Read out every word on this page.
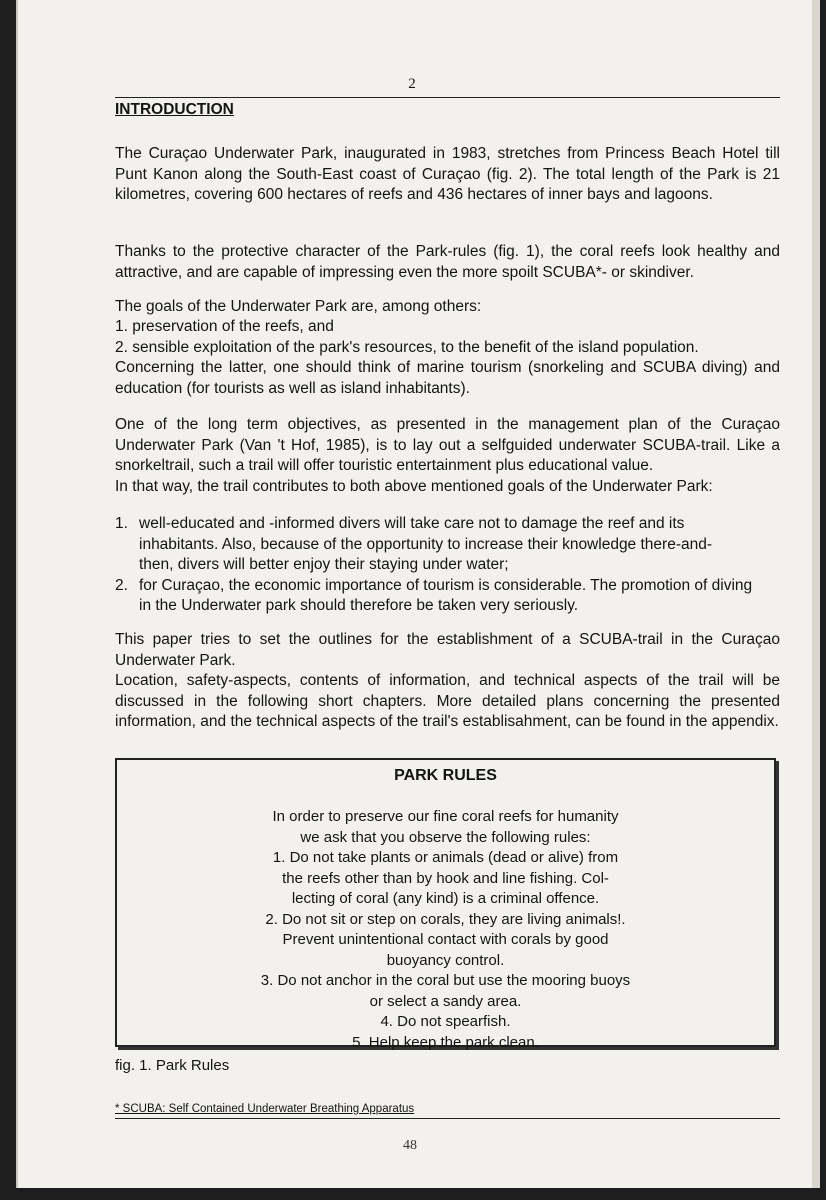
2
INTRODUCTION

The Curaçao Underwater Park, inaugurated in 1983, stretches from Princess Beach Hotel till Punt Kanon along the South-East coast of Curaçao (fig. 2). The total length of the Park is 21 kilometres, covering 600 hectares of reefs and 436 hectares of inner bays and lagoons.

Thanks to the protective character of the Park-rules (fig. 1), the coral reefs look healthy and attractive, and are capable of impressing even the more spoilt SCUBA*- or skindiver.

The goals of the Underwater Park are, among others:

1. preservation of the reefs, and

2. sensible exploitation of the park's resources, to the benefit of the island population.

Concerning the latter, one should think of marine tourism (snorkeling and SCUBA diving) and education (for tourists as well as island inhabitants).

One of the long term objectives, as presented in the management plan of the Curaçao Underwater Park (Van 't Hof, 1985), is to lay out a selfguided underwater SCUBA-trail. Like a snorkeltrail, such a trail will offer touristic entertainment plus educational value.

In that way, the trail contributes to both above mentioned goals of the Underwater Park:

1. well-educated and -informed divers will take care not to damage the reef and its inhabitants. Also, because of the opportunity to increase their knowledge there-and-then, divers will better enjoy their staying under water;
2. for Curaçao, the economic importance of tourism is considerable. The promotion of diving in the Underwater park should therefore be taken very seriously.

This paper tries to set the outlines for the establishment of a SCUBA-trail in the Curaçao Underwater Park.

Location, safety-aspects, contents of information, and technical aspects of the trail will be discussed in the following short chapters. More detailed plans concerning the presented information, and the technical aspects of the trail's establisahment, can be found in the appendix.

PARK RULES
In order to preserve our fine coral reefs for humanity
we ask that you observe the following rules:
1. Do not take plants or animals (dead or alive) from
the reefs other than by hook and line fishing. Col-
lecting of coral (any kind) is a criminal offence.
2. Do not sit or step on corals, they are living animals!.
Prevent unintentional contact with corals by good
buoyancy control.
3. Do not anchor in the coral but use the mooring buoys
or select a sandy area.
4. Do not spearfish.
5. Help keep the park clean.
fig. 1. Park Rules
* SCUBA: Self Contained Underwater Breathing Apparatus
48
